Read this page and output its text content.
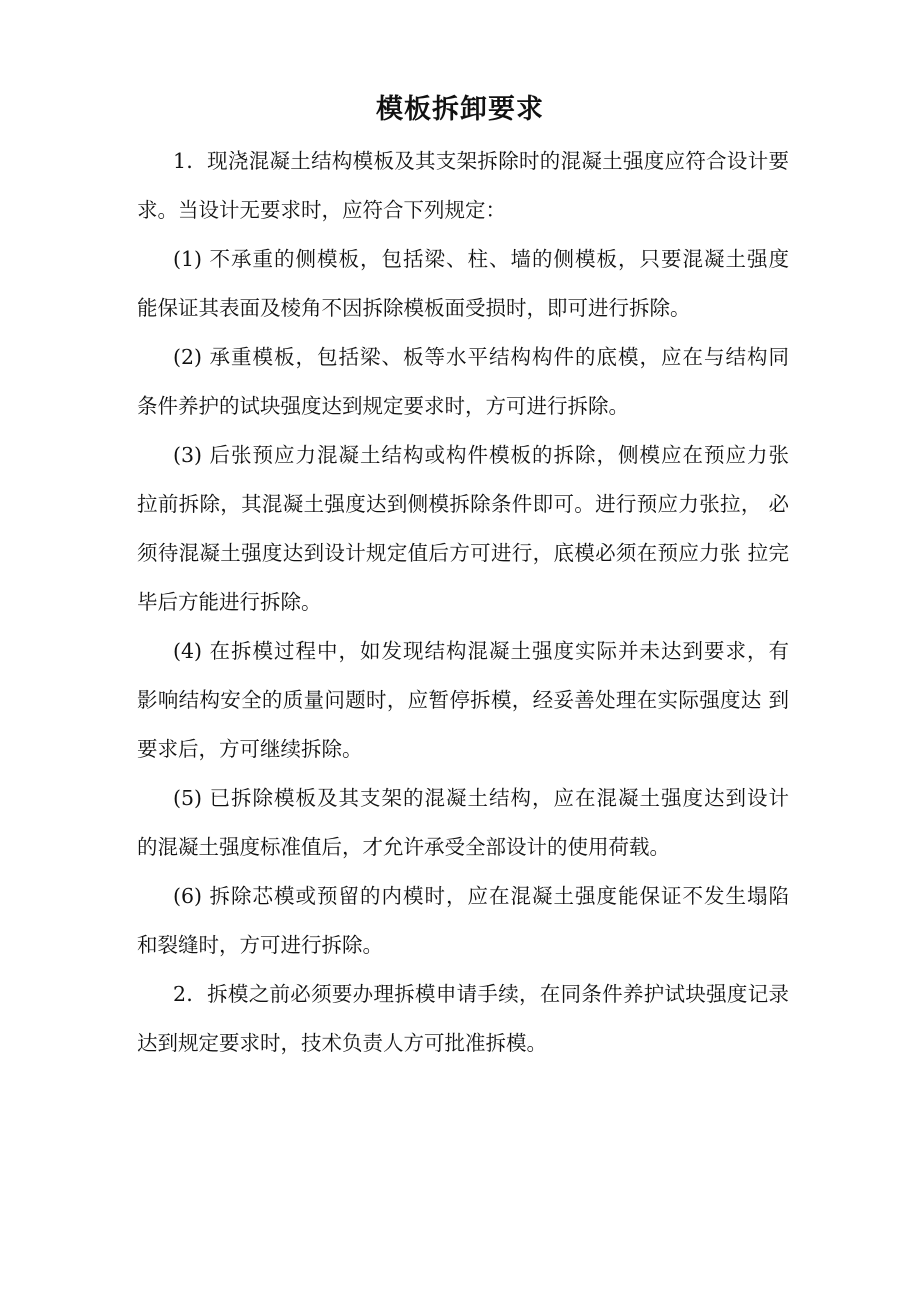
模板拆卸要求

1．现浇混凝土结构模板及其支架拆除时的混凝土强度应符合设计要求。当设计无要求时，应符合下列规定：

(1) 不承重的侧模板，包括梁、柱、墙的侧模板，只要混凝土强度 能保证其表面及棱角不因拆除模板面受损时，即可进行拆除。

(2) 承重模板，包括梁、板等水平结构构件的底模，应在与结构同 条件养护的试块强度达到规定要求时，方可进行拆除。

(3) 后张预应力混凝土结构或构件模板的拆除，侧模应在预应力张 拉前拆除，其混凝土强度达到侧模拆除条件即可。进行预应力张拉， 必须待混凝土强度达到设计规定值后方可进行，底模必须在预应力张 拉完毕后方能进行拆除。

(4) 在拆模过程中，如发现结构混凝土强度实际并未达到要求，有 影响结构安全的质量问题时，应暂停拆模，经妥善处理在实际强度达 到要求后，方可继续拆除。

(5) 已拆除模板及其支架的混凝土结构，应在混凝土强度达到设计 的混凝土强度标准值后，才允许承受全部设计的使用荷载。

(6) 拆除芯模或预留的内模时，应在混凝土强度能保证不发生塌陷 和裂缝时，方可进行拆除。

2．拆模之前必须要办理拆模申请手续，在同条件养护试块强度记录达到规定要求时，技术负责人方可批准拆模。
